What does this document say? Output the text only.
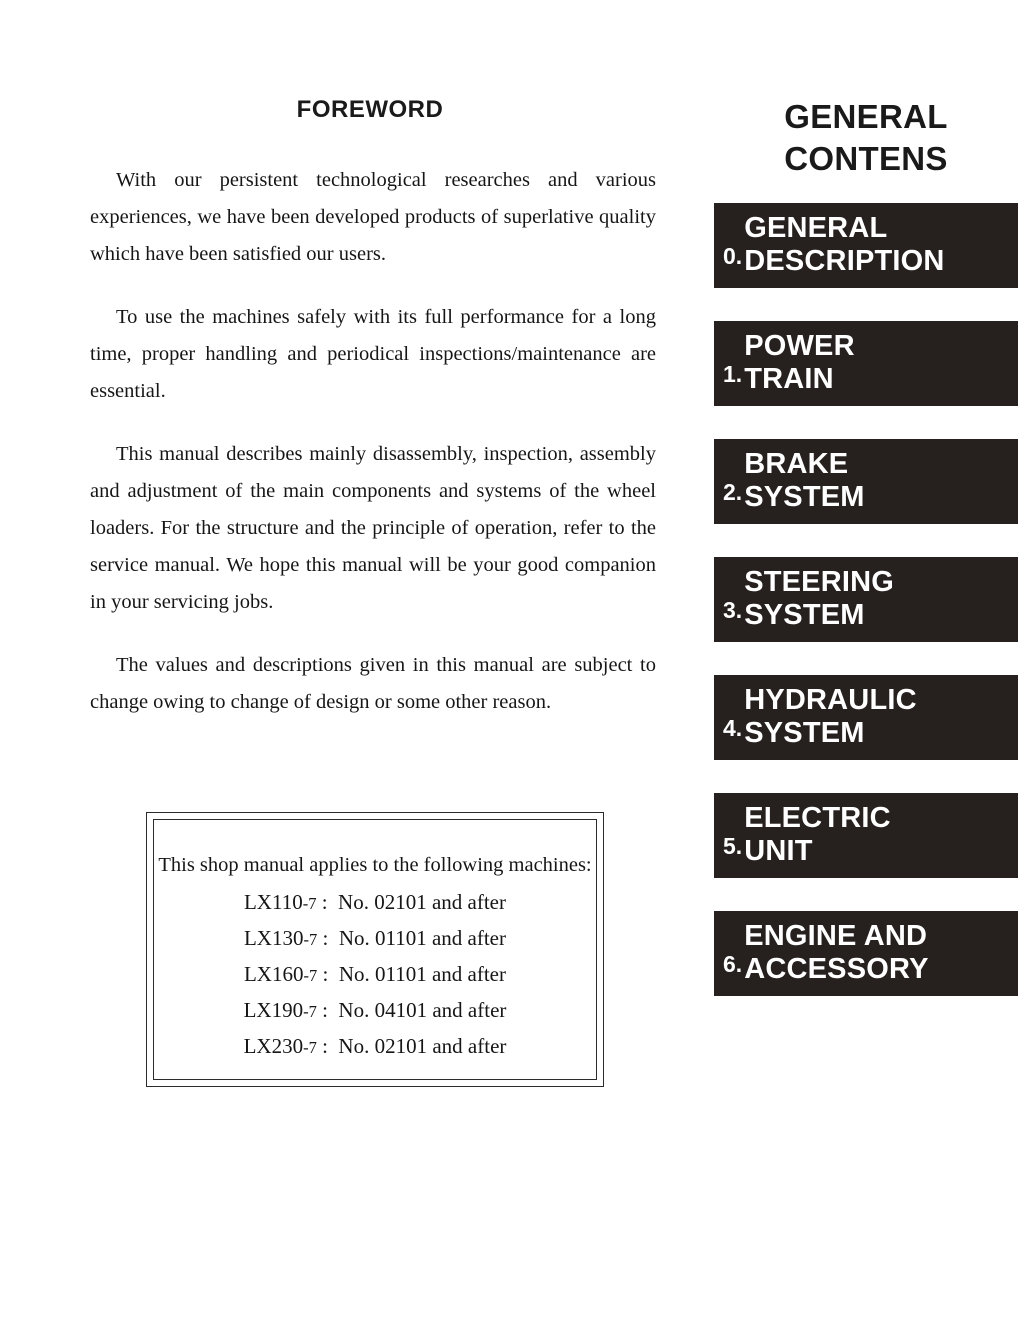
FOREWORD

With our persistent technological researches and various experiences, we have been developed products of superlative quality which have been satisfied our users.

To use the machines safely with its full performance for a long time, proper handling and periodical inspections/maintenance are essential.

This manual describes mainly disassembly, inspection, assembly and adjustment of the main components and systems of the wheel loaders. For the structure and the principle of operation, refer to the service manual. We hope this manual will be your good companion in your servicing jobs.

The values and descriptions given in this manual are subject to change owing to change of design or some other reason.

This shop manual applies to the following machines:
LX110-7 :  No. 02101 and after
LX130-7 :  No. 01101 and after
LX160-7 :  No. 01101 and after
LX190-7 :  No. 04101 and after
LX230-7 :  No. 02101 and after
GENERAL
CONTENS
0.
GENERAL
DESCRIPTION
1.
POWER
TRAIN
2.
BRAKE
SYSTEM
3.
STEERING
SYSTEM
4.
HYDRAULIC
SYSTEM
5.
ELECTRIC
UNIT
6.
ENGINE AND
ACCESSORY
